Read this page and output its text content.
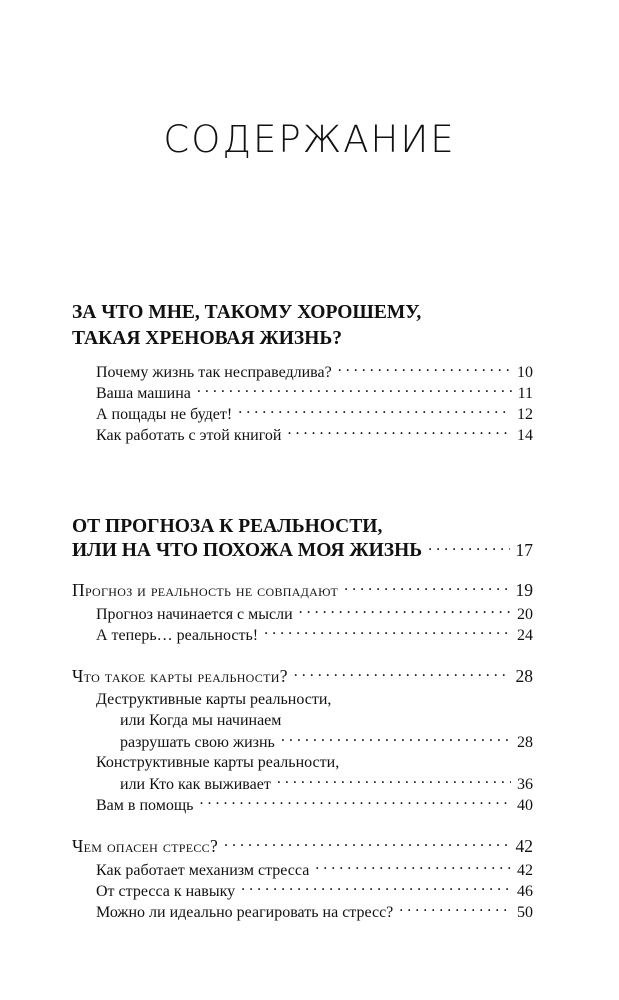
СОДЕРЖАНИЕ
ЗА ЧТО МНЕ, ТАКОМУ ХОРОШЕМУ,
ТАКАЯ ХРЕНОВАЯ ЖИЗНЬ?
Почему жизнь так несправедлива? . . .	10
Ваша машина . . .	11
А пощады не будет! . . .	12
Как работать с этой книгой . . .	14
ОТ ПРОГНОЗА К РЕАЛЬНОСТИ,
ИЛИ НА ЧТО ПОХОЖА МОЯ ЖИЗНЬ . . .	17
Прогноз и реальность не совпадают . . .	19
Прогноз начинается с мысли . . .	20
А теперь… реальность! . . .	24
Что такое карты реальности? . . .	28
Деструктивные карты реальности,
или Когда мы начинаем
разрушать свою жизнь . . .	28
Конструктивные карты реальности,
или Кто как выживает . . .	36
Вам в помощь . . .	40
Чем опасен стресс? . . .	42
Как работает механизм стресса . . .	42
От стресса к навыку . . .	46
Можно ли идеально реагировать на стресс? . . .	50
